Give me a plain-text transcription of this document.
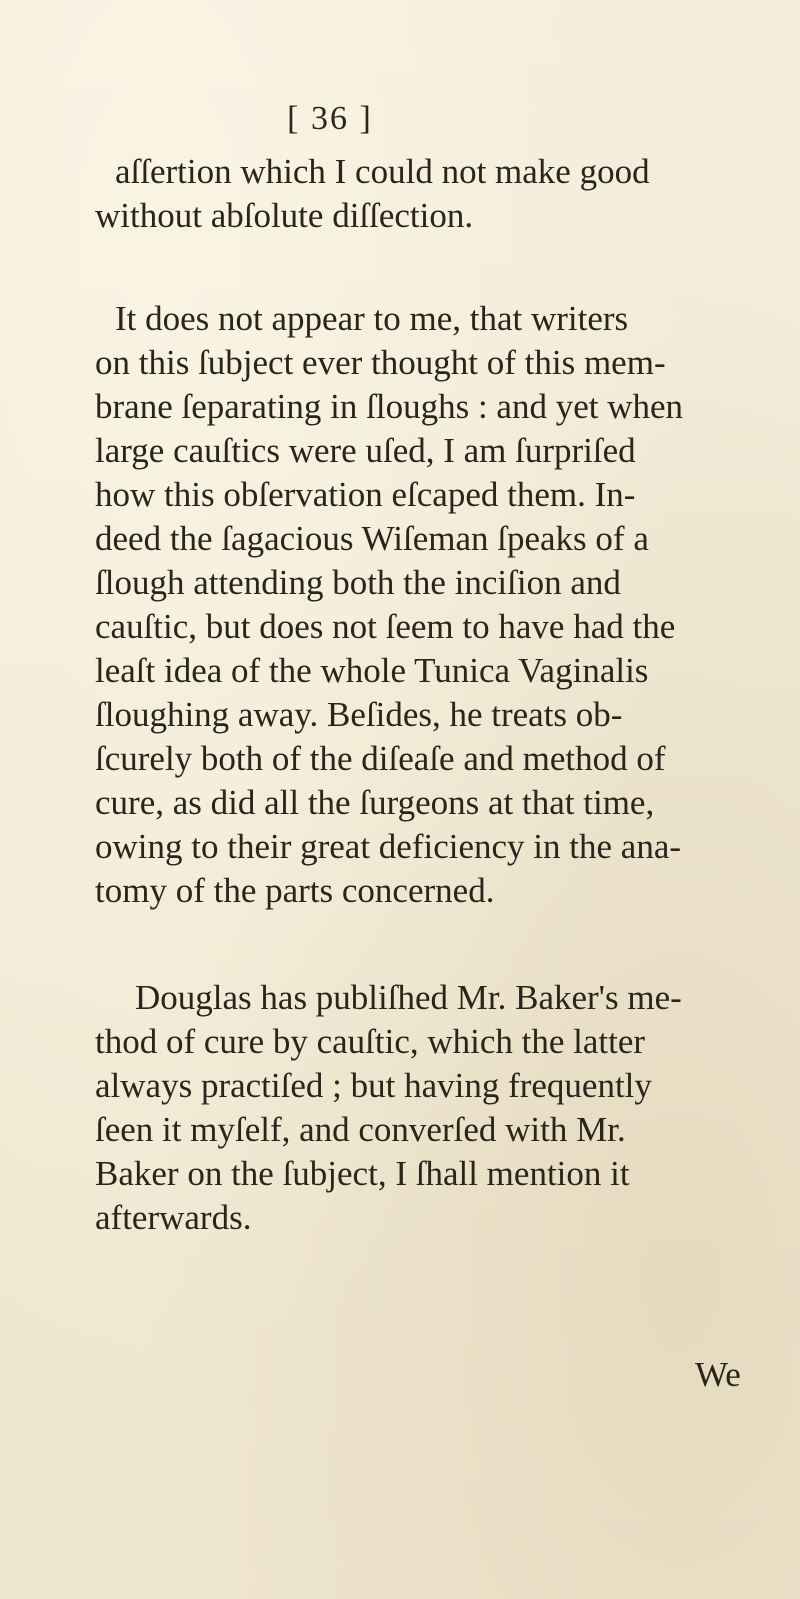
[ 36 ]
aſſertion which I could not make good
without abſolute diſſection.
It does not appear to me, that writers
on this ſubject ever thought of this mem-
brane ſeparating in ſloughs : and yet when
large cauſtics were uſed, I am ſurpriſed
how this obſervation eſcaped them. In-
deed the ſagacious Wiſeman ſpeaks of a
ſlough attending both the inciſion and
cauſtic, but does not ſeem to have had the
leaſt idea of the whole Tunica Vaginalis
ſloughing away. Beſides, he treats ob-
ſcurely both of the diſeaſe and method of
cure, as did all the ſurgeons at that time,
owing to their great deficiency in the ana-
tomy of the parts concerned.
Douglas has publiſhed Mr. Baker's me-
thod of cure by cauſtic, which the latter
always practiſed ; but having frequently
ſeen it myſelf, and converſed with Mr.
Baker on the ſubject, I ſhall mention it
afterwards.
We
